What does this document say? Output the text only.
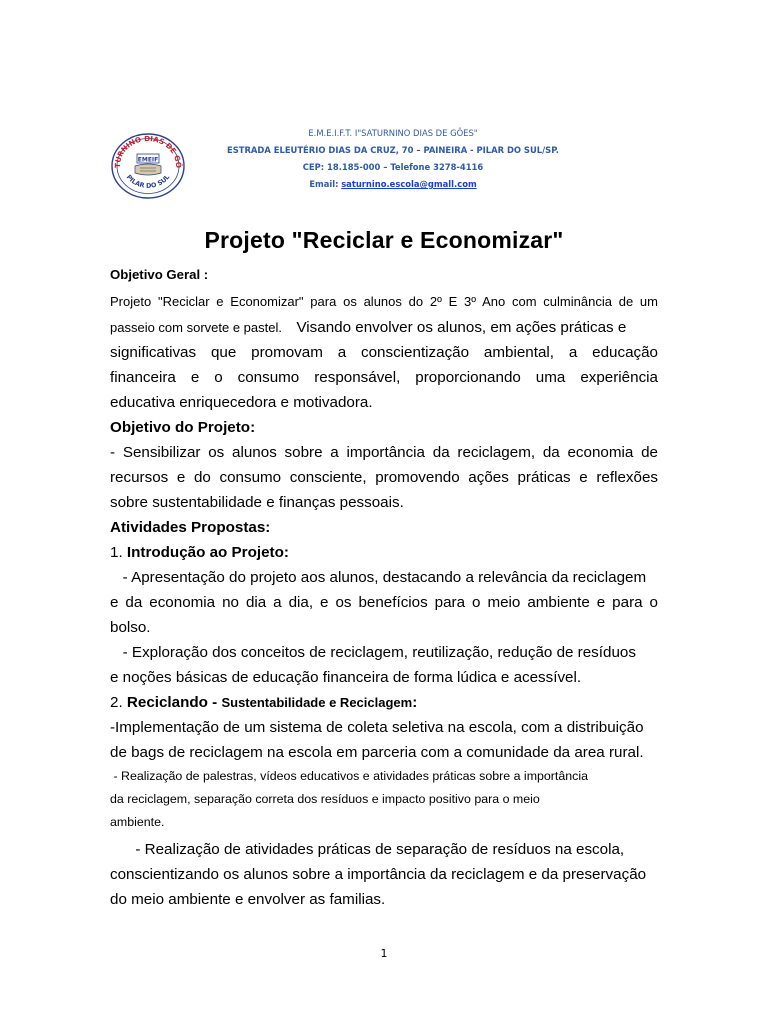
TURNINO DIAS DE GÔ
EMEIF
PILAR DO SUL
E.M.E.I.F.T. I"SATURNINO DIAS DE GÔES"
ESTRADA ELEUTÉRIO DIAS DA CRUZ, 70 – PAINEIRA - PILAR DO SUL/SP.
CEP: 18.185-000 – Telefone 3278-4116
Email: saturnino.escola@gmall.com
Projeto "Reciclar e Economizar"
Objetivo Geral :
Projeto "Reciclar e Economizar" para os alunos do 2º E 3º Ano com culminância de um
passeio com sorvete e pastel. Visando envolver os alunos, em ações práticas e
significativas que promovam a conscientização ambiental, a educação
financeira e o consumo responsável, proporcionando uma experiência
educativa enriquecedora e motivadora.
Objetivo do Projeto:
- Sensibilizar os alunos sobre a importância da reciclagem, da economia de
recursos e do consumo consciente, promovendo ações práticas e reflexões
sobre sustentabilidade e finanças pessoais.
Atividades Propostas:
1. Introdução ao Projeto:
- Apresentação do projeto aos alunos, destacando a relevância da reciclagem
e da economia no dia a dia, e os benefícios para o meio ambiente e para o
bolso.
- Exploração dos conceitos de reciclagem, reutilização, redução de resíduos
e noções básicas de educação financeira de forma lúdica e acessível.
2. Reciclando - Sustentabilidade e Reciclagem:
-Implementação de um sistema de coleta seletiva na escola, com a distribuição
de bags de reciclagem na escola em parceria com a comunidade da area rural.
- Realização de palestras, vídeos educativos e atividades práticas sobre a importância
da reciclagem, separação correta dos resíduos e impacto positivo para o meio
ambiente.
- Realização de atividades práticas de separação de resíduos na escola,
conscientizando os alunos sobre a importância da reciclagem e da preservação
do meio ambiente e envolver as familias.
1
